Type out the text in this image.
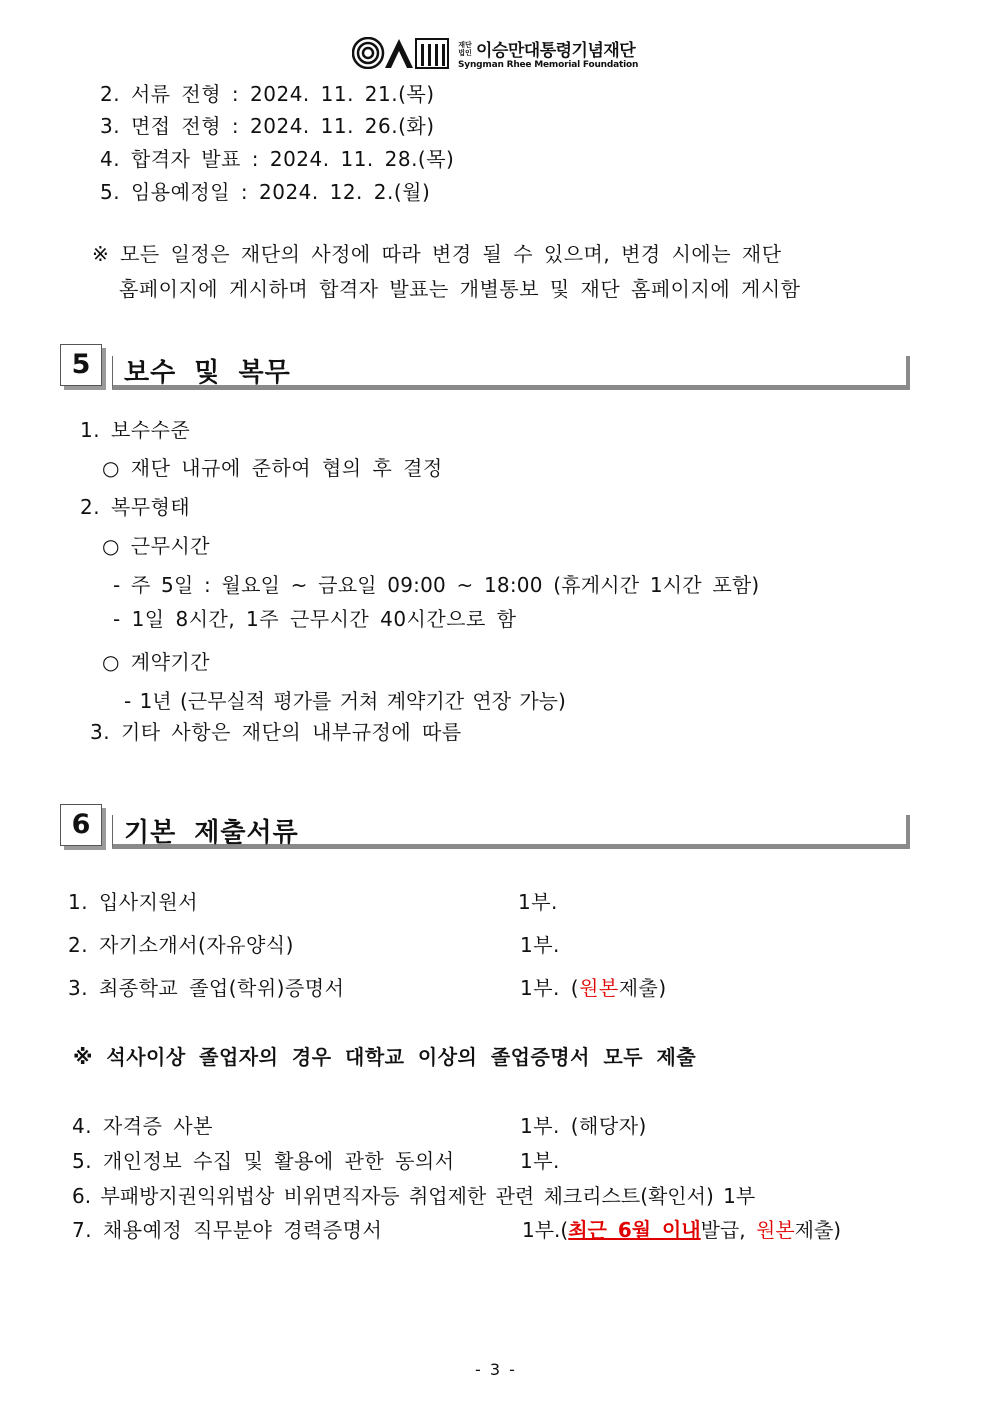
재단
법인 이승만대통령기념재단
Syngman Rhee Memorial Foundation
2. 서류 전형 : 2024. 11. 21.(목)
3. 면접 전형 : 2024. 11. 26.(화)
4. 합격자 발표 : 2024. 11. 28.(목)
5. 임용예정일 : 2024. 12. 2.(월)
※ 모든 일정은 재단의 사정에 따라 변경 될 수 있으며, 변경 시에는 재단
홈페이지에 게시하며 합격자 발표는 개별통보 및 재단 홈페이지에 게시함
5	보수 및 복무
1. 보수수준
○ 재단 내규에 준하여 협의 후 결정
2. 복무형태
○ 근무시간
- 주 5일 : 월요일 ~ 금요일 09:00 ~ 18:00 (휴게시간 1시간 포함)
- 1일 8시간, 1주 근무시간 40시간으로 함
○ 계약기간
- 1년 (근무실적 평가를 거쳐 계약기간 연장 가능)
3. 기타 사항은 재단의 내부규정에 따름
6	기본 제출서류
1. 입사지원서	1부.
2. 자기소개서(자유양식)	1부.
3. 최종학교 졸업(학위)증명서	1부. (원본제출)
※ 석사이상 졸업자의 경우 대학교 이상의 졸업증명서 모두 제출
4. 자격증 사본	1부. (해당자)
5. 개인정보 수집 및 활용에 관한 동의서	1부.
6. 부패방지권익위법상 비위면직자등 취업제한 관련 체크리스트(확인서) 1부
7. 채용예정 직무분야 경력증명서	1부.(최근 6월 이내발급, 원본제출)
- 3 -
